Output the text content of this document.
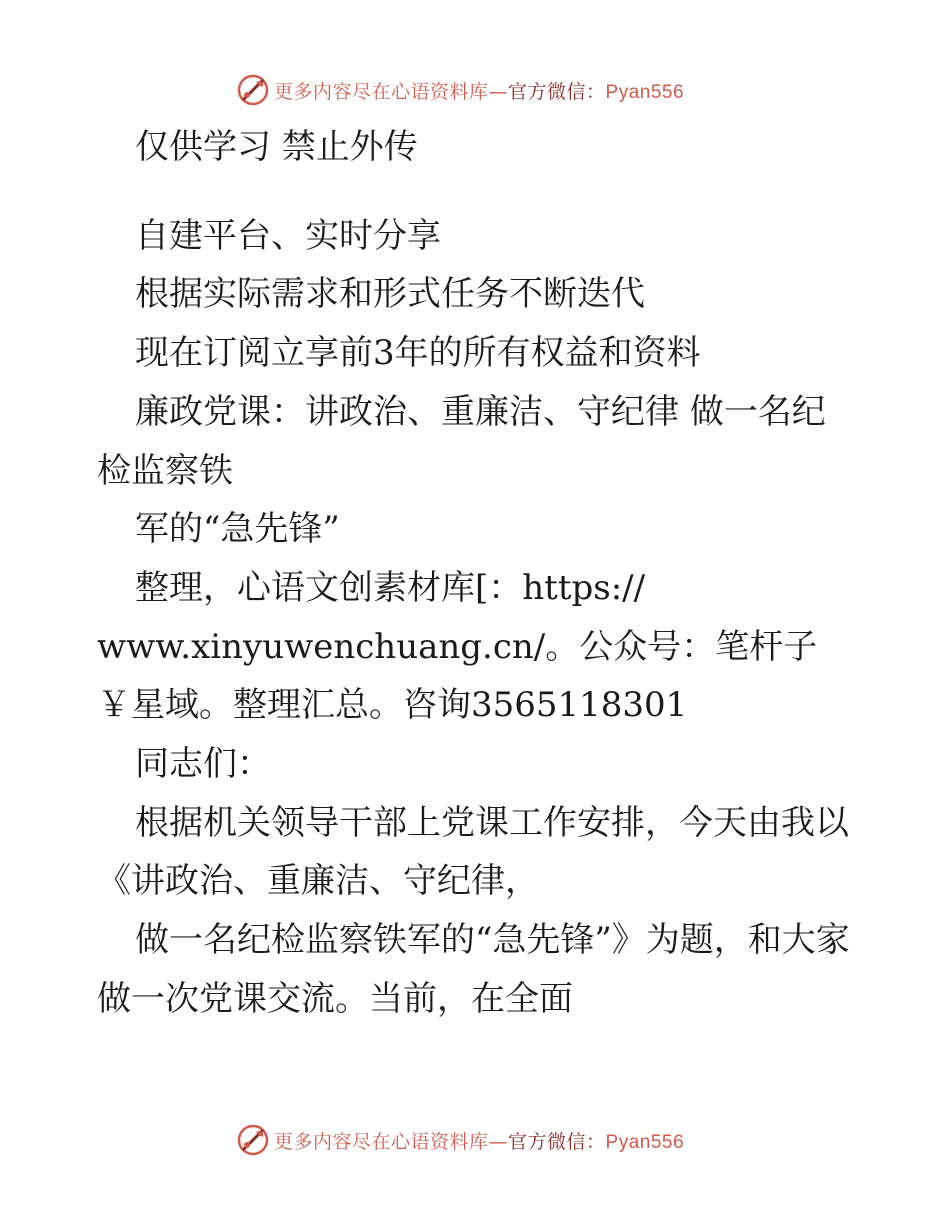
更多内容尽在心语资料库—官方微信：Pyan556

仅供学习 禁止外传

自建平台、实时分享

根据实际需求和形式任务不断迭代

现在订阅立享前3年的所有权益和资料

廉政党课：讲政治、重廉洁、守纪律 做一名纪检监察铁

军的“急先锋”

整理，心语文创素材库[：https://

www.xinyuwenchuang.cn/。公众号：笔杆子￥星域。整理汇总。咨询3565118301

同志们：

根据机关领导干部上党课工作安排，今天由我以《讲政治、重廉洁、守纪律，

做一名纪检监察铁军的“急先锋”》为题，和大家做一次党课交流。当前，在全面

更多内容尽在心语资料库—官方微信：Pyan556
